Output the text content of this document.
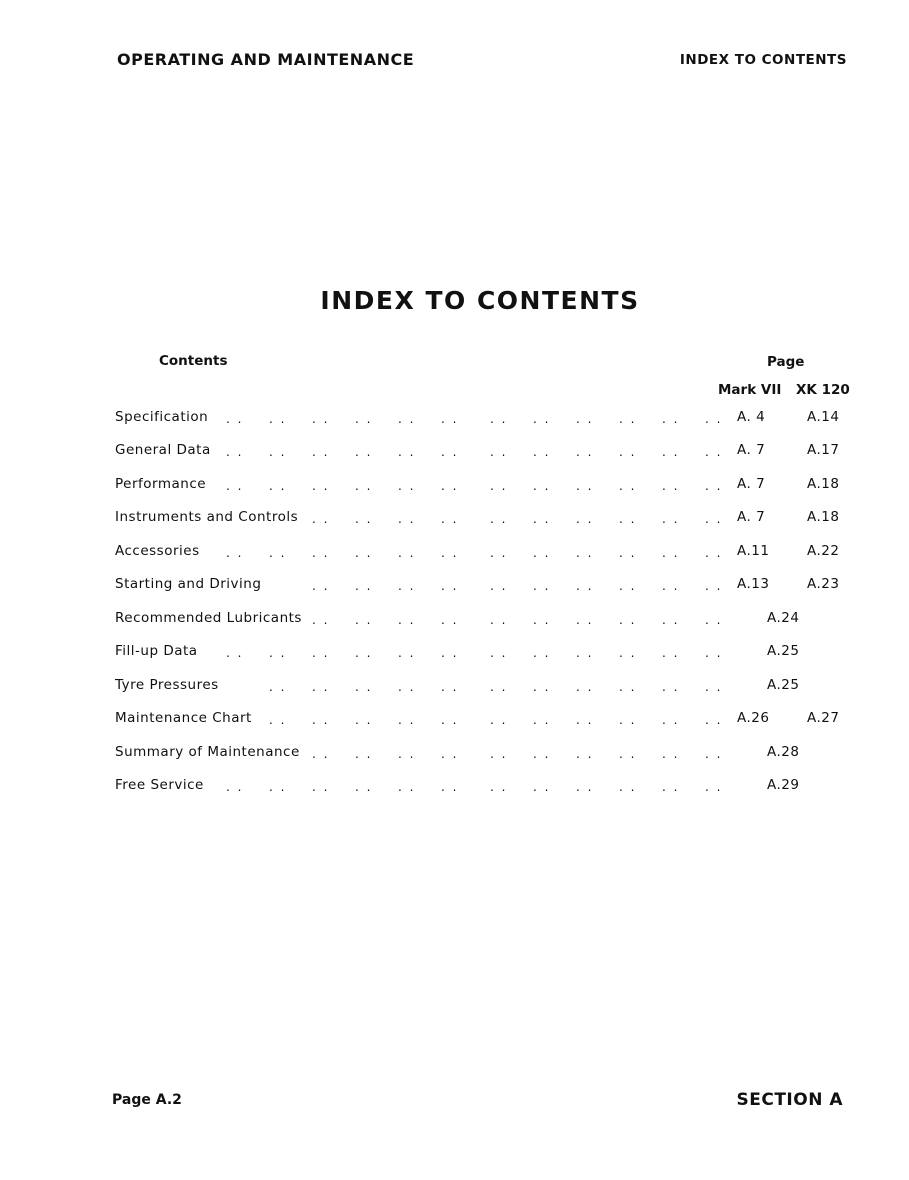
OPERATING AND MAINTENANCE	INDEX TO CONTENTS
INDEX TO CONTENTS
Contents	Page
Mark VII XK 120
Specification . . . . . . . . . . . .	. . . . . . . . . . . . A. 4	A.14
General Data . . . . . . . . . . . .	. . . . . . . . . . . . A. 7	A.17
Performance . . . . . . . . . . . .	. . . . . . . . . . . . A. 7	A.18
Instruments and Controls . . . . . . . .	. . . . . . . . . . . . A. 7	A.18
Accessories . . . . . . . . . . . .	. . . . . . . . . . . . A.11	A.22
Starting and Driving	. . . . . . . .	. . . . . . . . . . . . A.13	A.23
Recommended Lubricants . . . . . . . .	. . . . . . . . . . . .	A.24
Fill-up Data . . . . . . . . . . . .	. . . . . . . . . . . .	A.25
Tyre Pressures	. . . . . . . . . .	. . . . . . . . . . . .	A.25
Maintenance Chart . . . . . . . . . .	. . . . . . . . . . . . A.26	A.27
Summary of Maintenance . . . . . . . .	. . . . . . . . . . . .	A.28
Free Service . . . . . . . . . . . .	. . . . . . . . . . . .	A.29
Page A.2	SECTION A
